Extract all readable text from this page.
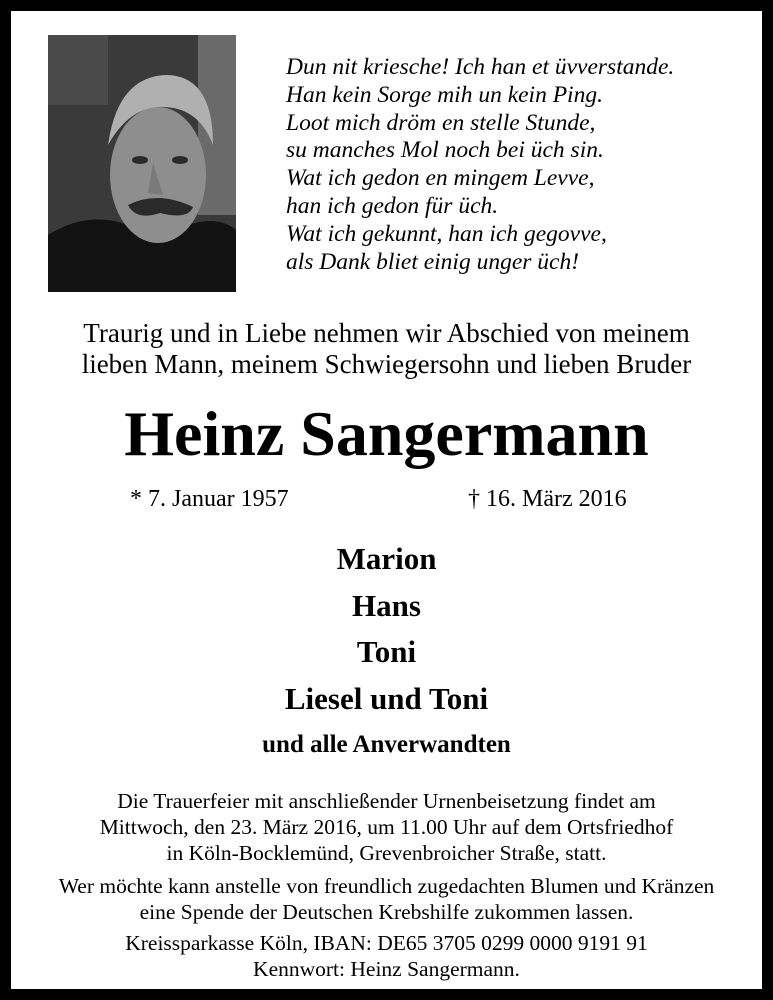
Dun nit kriesche! Ich han et üvverstande.
Han kein Sorge mih un kein Ping.
Loot mich dröm en stelle Stunde,
su manches Mol noch bei üch sin.
Wat ich gedon en mingem Levve,
han ich gedon für üch.
Wat ich gekunnt, han ich gegovve,
als Dank bliet einig unger üch!
Traurig und in Liebe nehmen wir Abschied von meinem
lieben Mann, meinem Schwiegersohn und lieben Bruder
Heinz Sangermann
* 7. Januar 1957	† 16. März 2016
Marion
Hans
Toni
Liesel und Toni
und alle Anverwandten
Die Trauerfeier mit anschließender Urnenbeisetzung findet am
Mittwoch, den 23. März 2016, um 11.00 Uhr auf dem Ortsfriedhof
in Köln-Bocklemünd, Grevenbroicher Straße, statt.
Wer möchte kann anstelle von freundlich zugedachten Blumen und Kränzen
eine Spende der Deutschen Krebshilfe zukommen lassen.
Kreissparkasse Köln, IBAN: DE65 3705 0299 0000 9191 91
Kennwort: Heinz Sangermann.
